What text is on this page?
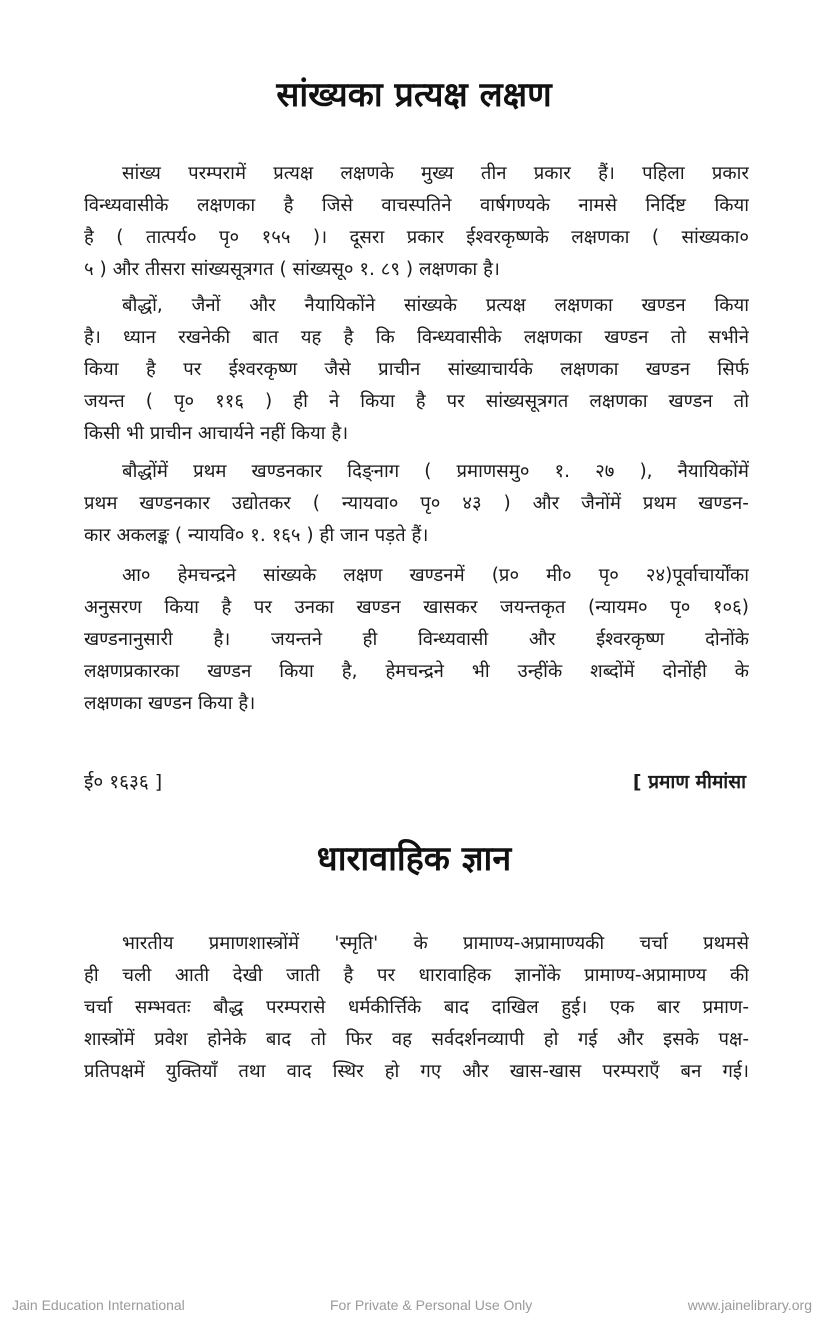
सांख्यका प्रत्यक्ष लक्षण
सांख्य परम्परामें प्रत्यक्ष लक्षणके मुख्य तीन प्रकार हैं। पहिला प्रकार
विन्ध्यवासीके लक्षणका है जिसे वाचस्पतिने वार्षगण्यके नामसे निर्दिष्ट किया
है ( तात्पर्य० पृ० १५५ )। दूसरा प्रकार ईश्वरकृष्णके लक्षणका ( सांख्यका०
५ ) और तीसरा सांख्यसूत्रगत ( सांख्यसू० १. ८९ ) लक्षणका है।
बौद्धों, जैनों और नैयायिकोंने सांख्यके प्रत्यक्ष लक्षणका खण्डन किया
है। ध्यान रखनेकी बात यह है कि विन्ध्यवासीके लक्षणका खण्डन तो सभीने
किया है पर ईश्वरकृष्ण जैसे प्राचीन सांख्याचार्यके लक्षणका खण्डन सिर्फ
जयन्त ( पृ० ११६ ) ही ने किया है पर सांख्यसूत्रगत लक्षणका खण्डन तो
किसी भी प्राचीन आचार्यने नहीं किया है।
बौद्धोंमें प्रथम खण्डनकार दिङ्नाग ( प्रमाणसमु० १. २७ ), नैयायिकोंमें
प्रथम खण्डनकार उद्योतकर ( न्यायवा० पृ० ४३ ) और जैनोंमें प्रथम खण्डन-
कार अकलङ्क ( न्यायवि० १. १६५ ) ही जान पड़ते हैं।
आ० हेमचन्द्रने सांख्यके लक्षण खण्डनमें (प्र० मी० पृ० २४)पूर्वाचार्योंका
अनुसरण किया है पर उनका खण्डन खासकर जयन्तकृत (न्यायम० पृ० १०६)
खण्डनानुसारी है। जयन्तने ही विन्ध्यवासी और ईश्वरकृष्ण दोनोंके
लक्षणप्रकारका खण्डन किया है, हेमचन्द्रने भी उन्हींके शब्दोंमें दोनोंही के
लक्षणका खण्डन किया है।
ई० १६३६ ]	[ प्रमाण मीमांसा
धारावाहिक ज्ञान
भारतीय प्रमाणशास्त्रोंमें 'स्मृति' के प्रामाण्य-अप्रामाण्यकी चर्चा प्रथमसे
ही चली आती देखी जाती है पर धारावाहिक ज्ञानोंके प्रामाण्य-अप्रामाण्य की
चर्चा सम्भवतः बौद्ध परम्परासे धर्मकीर्त्तिके बाद दाखिल हुई। एक बार प्रमाण-
शास्त्रोंमें प्रवेश होनेके बाद तो फिर वह सर्वदर्शनव्यापी हो गई और इसके पक्ष-
प्रतिपक्षमें युक्तियाँ तथा वाद स्थिर हो गए और खास-खास परम्पराएँ बन गई।
Jain Education International	For Private & Personal Use Only	www.jainelibrary.org
